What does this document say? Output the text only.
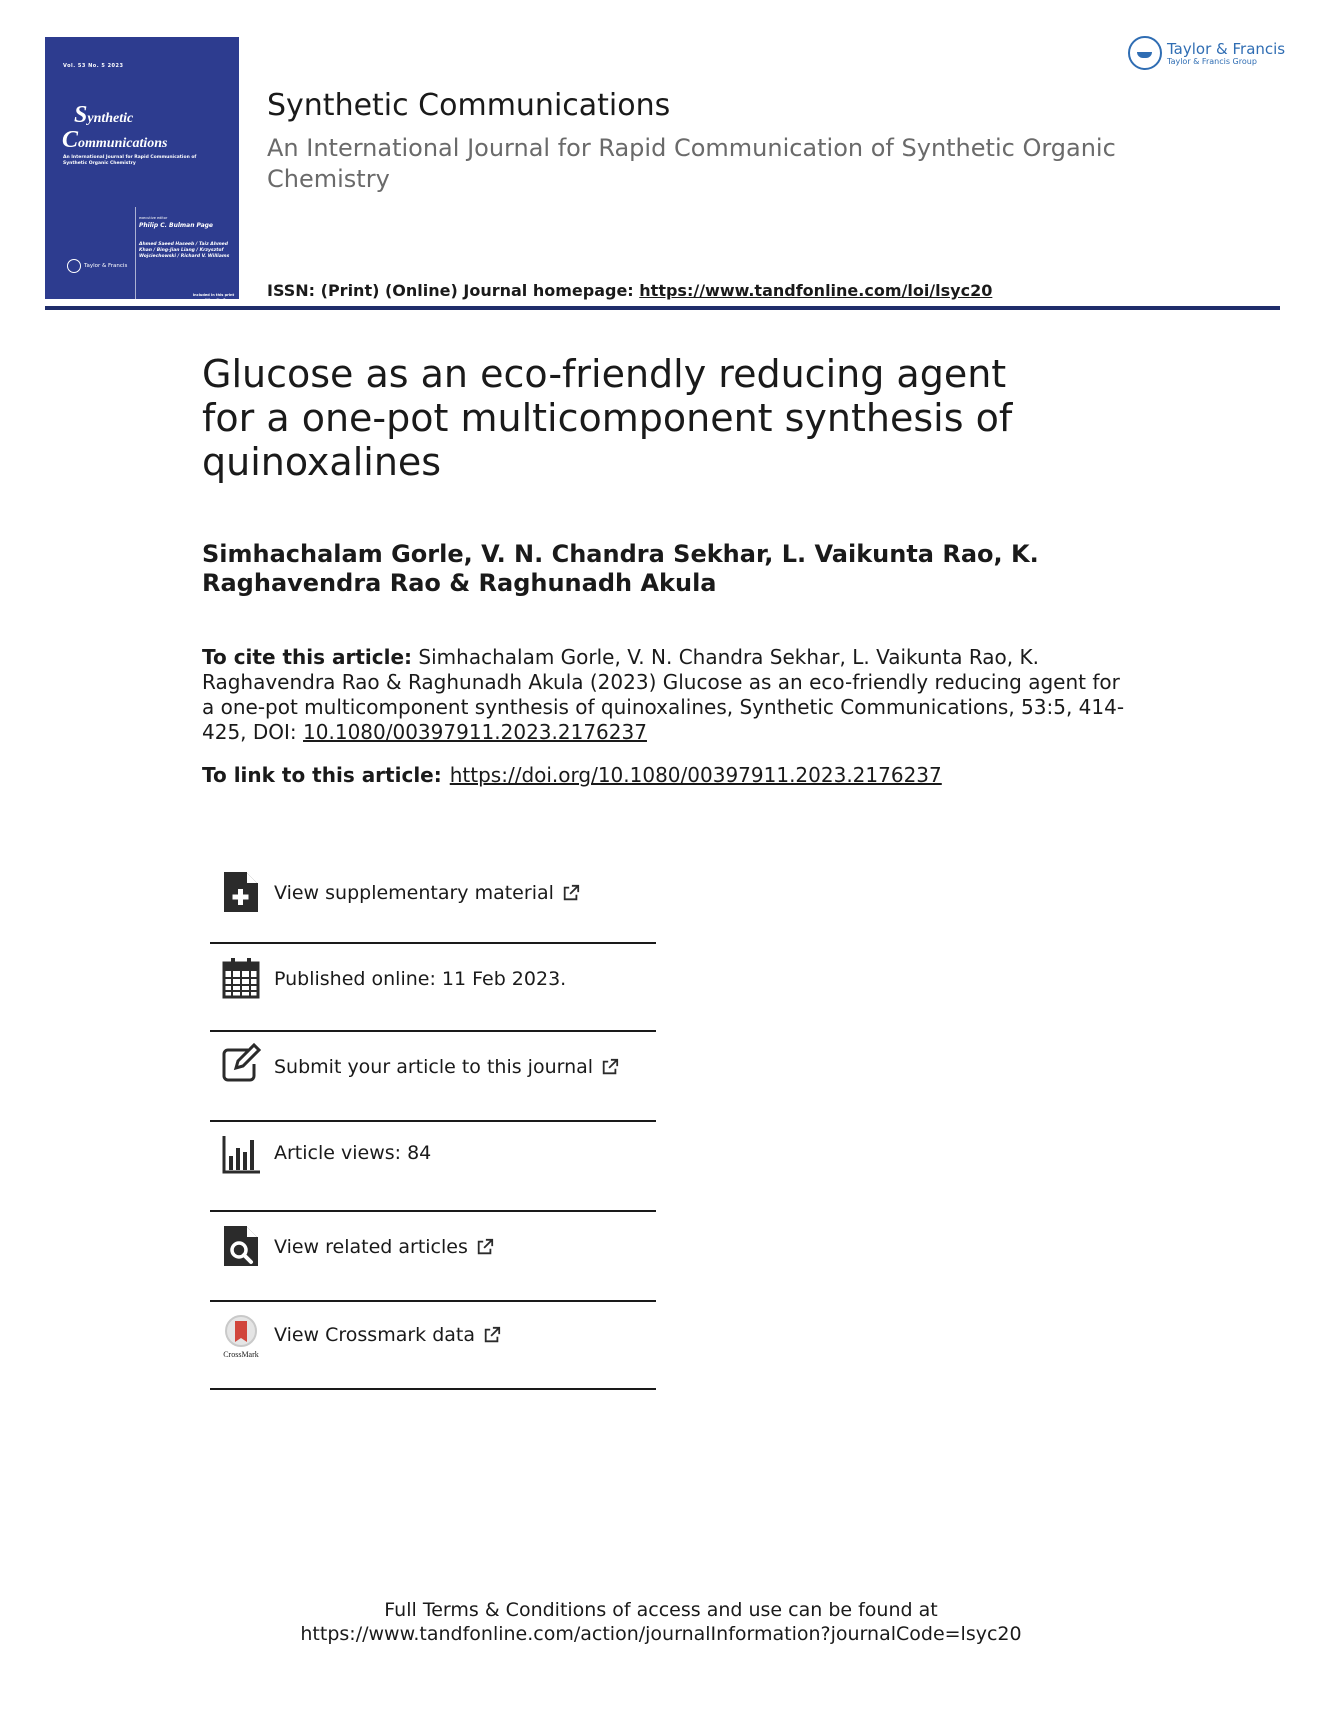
Vol. 53 No. 5 2023
Synthetic
Communications
An International Journal for Rapid Communication of Synthetic Organic Chemistry
executive editor
Philip C. Bulman Page
Ahmed Saeed Haseeb / Taiz Ahmed Khan / Bing-Jian Liang / Krzysztof Wojciechowski / Richard V. Williams
Taylor & Francis
Included in this print edition Nr. 5
Synthetic Communications
An International Journal for Rapid Communication of Synthetic Organic Chemistry
ISSN: (Print) (Online) Journal homepage: https://www.tandfonline.com/loi/lsyc20
Taylor & Francis
Taylor & Francis Group
Glucose as an eco-friendly reducing agent for a one-pot multicomponent synthesis of quinoxalines
Simhachalam Gorle, V. N. Chandra Sekhar, L. Vaikunta Rao, K. Raghavendra Rao & Raghunadh Akula
To cite this article: Simhachalam Gorle, V. N. Chandra Sekhar, L. Vaikunta Rao, K. Raghavendra Rao & Raghunadh Akula (2023) Glucose as an eco-friendly reducing agent for a one-pot multicomponent synthesis of quinoxalines, Synthetic Communications, 53:5, 414-425, DOI: 10.1080/00397911.2023.2176237
To link to this article: https://doi.org/10.1080/00397911.2023.2176237
View supplementary material
Published online: 11 Feb 2023.
Submit your article to this journal
Article views: 84
View related articles
CrossMark
View Crossmark data
Full Terms & Conditions of access and use can be found at
https://www.tandfonline.com/action/journalInformation?journalCode=lsyc20
